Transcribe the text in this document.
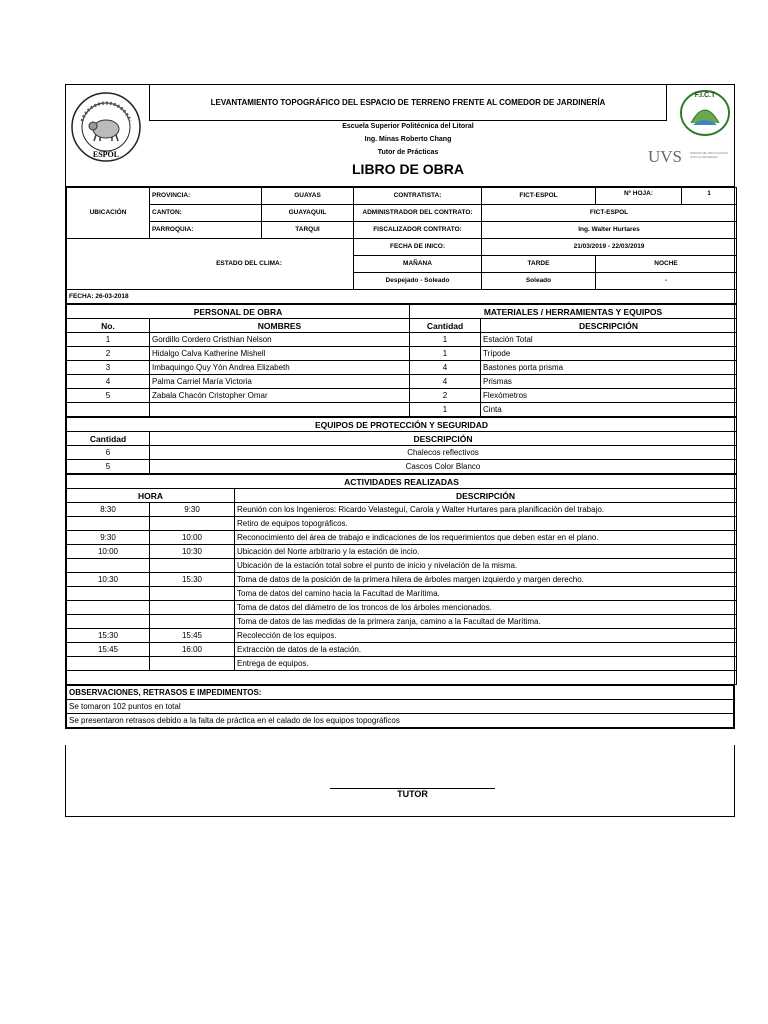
ESPOL
LEVANTAMIENTO TOPOGRÁFICO DEL ESPACIO DE TERRENO FRENTE AL COMEDOR DE JARDINERÍA
Escuela Superior Politécnica del Litoral
Ing. Minas Roberto Chang
Tutor de Prácticas
LIBRO DE OBRA
F.I.C.T
UVS	UNIDAD DE VINCULACIÓN CON LA SOCIEDAD
UBICACIÓN	PROVINCIA:	GUAYAS	CONTRATISTA:	FICT-ESPOL	Nº HOJA:	1
	CANTON:	GUAYAQUIL	ADMINISTRADOR DEL CONTRATO:	FICT-ESPOL		
	PARROQUIA:	TARQUI	FISCALIZADOR CONTRATO:	Ing. Walter Hurtares		
ESTADO DEL CLIMA:			FECHA DE INICO:	21/03/2019 - 22/03/2019		
			MAÑANA	TARDE	NOCHE	
			Despejado - Soleado	Soleado	-	
FECHA: 26-03-2018						
PERSONAL DE OBRA		MATERIALES / HERRAMIENTAS Y EQUIPOS	
No.	NOMBRES	Cantidad	DESCRIPCIÓN
1	Gordillo Cordero Cristhian Nelson	1	Estación Total
2	Hidalgo Calva Katherine Mishell	1	Trípode
3	Imbaquingo Quy Yón Andrea Elizabeth	4	Bastones porta prisma
4	Palma Carriel María Victoria	4	Prismas
5	Zabala Chacón Cristopher Omar	2	Flexómetros
		1	Cinta
EQUIPOS DE PROTECCIÓN Y SEGURIDAD	
Cantidad	DESCRIPCIÓN
6	Chalecos reflectivos
5	Cascos Color Blanco
ACTIVIDADES REALIZADAS		
HORA		DESCRIPCIÓN
8:30	9:30	Reunión con los Ingenieros: Ricardo Velasteguí, Carola y Walter Hurtares para planificación del trabajo.
		Retiro de equipos topográficos.
9:30	10:00	Reconocimiento del área de trabajo e indicaciones de los requerimientos que deben estar en el plano.
10:00	10:30	Ubicación del Norte arbitrario y la estación de incio.
		Ubicación de la estación total sobre el punto de inicio y nivelación de la misma.
10:30	15:30	Toma de datos de la posición de la primera hilera de árboles margen izquierdo y margen derecho.
		Toma de datos del camino hacia la Facultad de Marítima.
		Toma de datos del diámetro de los troncos de los árboles mencionados.
		Toma de datos de las medidas de la primera zanja, camino a la Facultad de Marítima.
15:30	15:45	Recolección de los equipos.
15:45	16:00	Extracción de datos de la estación.
		Entrega de equipos.

OBSERVACIONES, RETRASOS E IMPEDIMENTOS:
Se tomaron 102 puntos en total
Se presentaron retrasos debido a la falta de práctica en el calado de los equipos topográficos
TUTOR
